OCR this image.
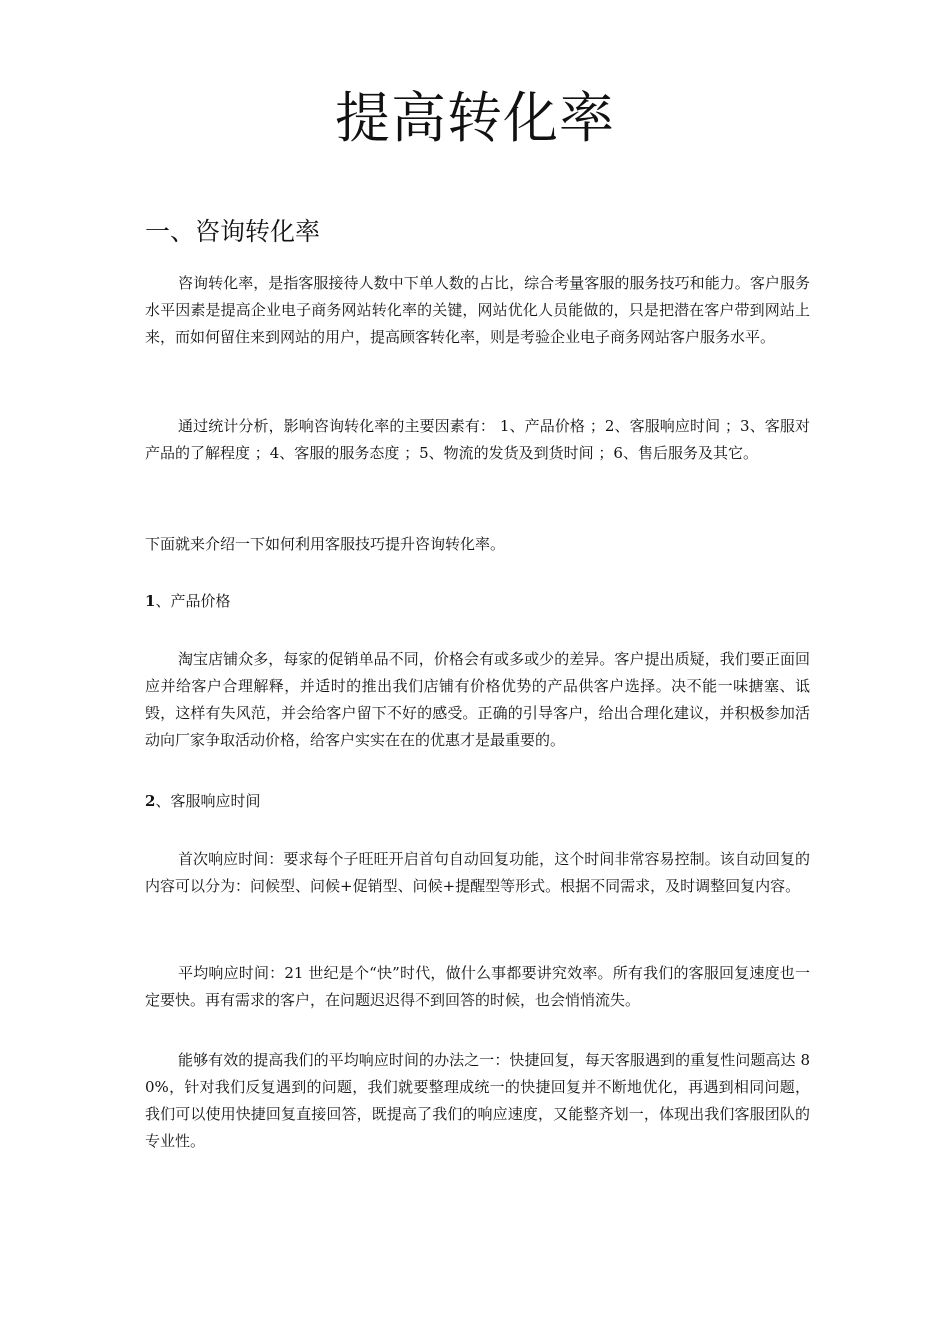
提高转化率
一、咨询转化率

咨询转化率，是指客服接待人数中下单人数的占比，综合考量客服的服务技巧和能力。客户服务水平因素是提高企业电子商务网站转化率的关键，网站优化人员能做的，只是把潜在客户带到网站上来，而如何留住来到网站的用户，提高顾客转化率，则是考验企业电子商务网站客户服务水平。

通过统计分析，影响咨询转化率的主要因素有： 1、产品价格 ；2、客服响应时间 ；3、客服对产品的了解程度 ；4、客服的服务态度 ；5、物流的发货及到货时间 ；6、售后服务及其它。

下面就来介绍一下如何利用客服技巧提升咨询转化率。

1、产品价格

淘宝店铺众多，每家的促销单品不同，价格会有或多或少的差异。客户提出质疑，我们要正面回应并给客户合理解释，并适时的推出我们店铺有价格优势的产品供客户选择。决不能一味搪塞、诋毁，这样有失风范，并会给客户留下不好的感受。正确的引导客户，给出合理化建议，并积极参加活动向厂家争取活动价格，给客户实实在在的优惠才是最重要的。

2、客服响应时间

首次响应时间：要求每个子旺旺开启首句自动回复功能，这个时间非常容易控制。该自动回复的内容可以分为：问候型、问候+促销型、问候+提醒型等形式。根据不同需求，及时调整回复内容。

平均响应时间：21 世纪是个“快”时代，做什么事都要讲究效率。所有我们的客服回复速度也一定要快。再有需求的客户，在问题迟迟得不到回答的时候，也会悄悄流失。

能够有效的提高我们的平均响应时间的办法之一：快捷回复，每天客服遇到的重复性问题高达 80%，针对我们反复遇到的问题，我们就要整理成统一的快捷回复并不断地优化，再遇到相同问题，我们可以使用快捷回复直接回答，既提高了我们的响应速度，又能整齐划一，体现出我们客服团队的专业性。
